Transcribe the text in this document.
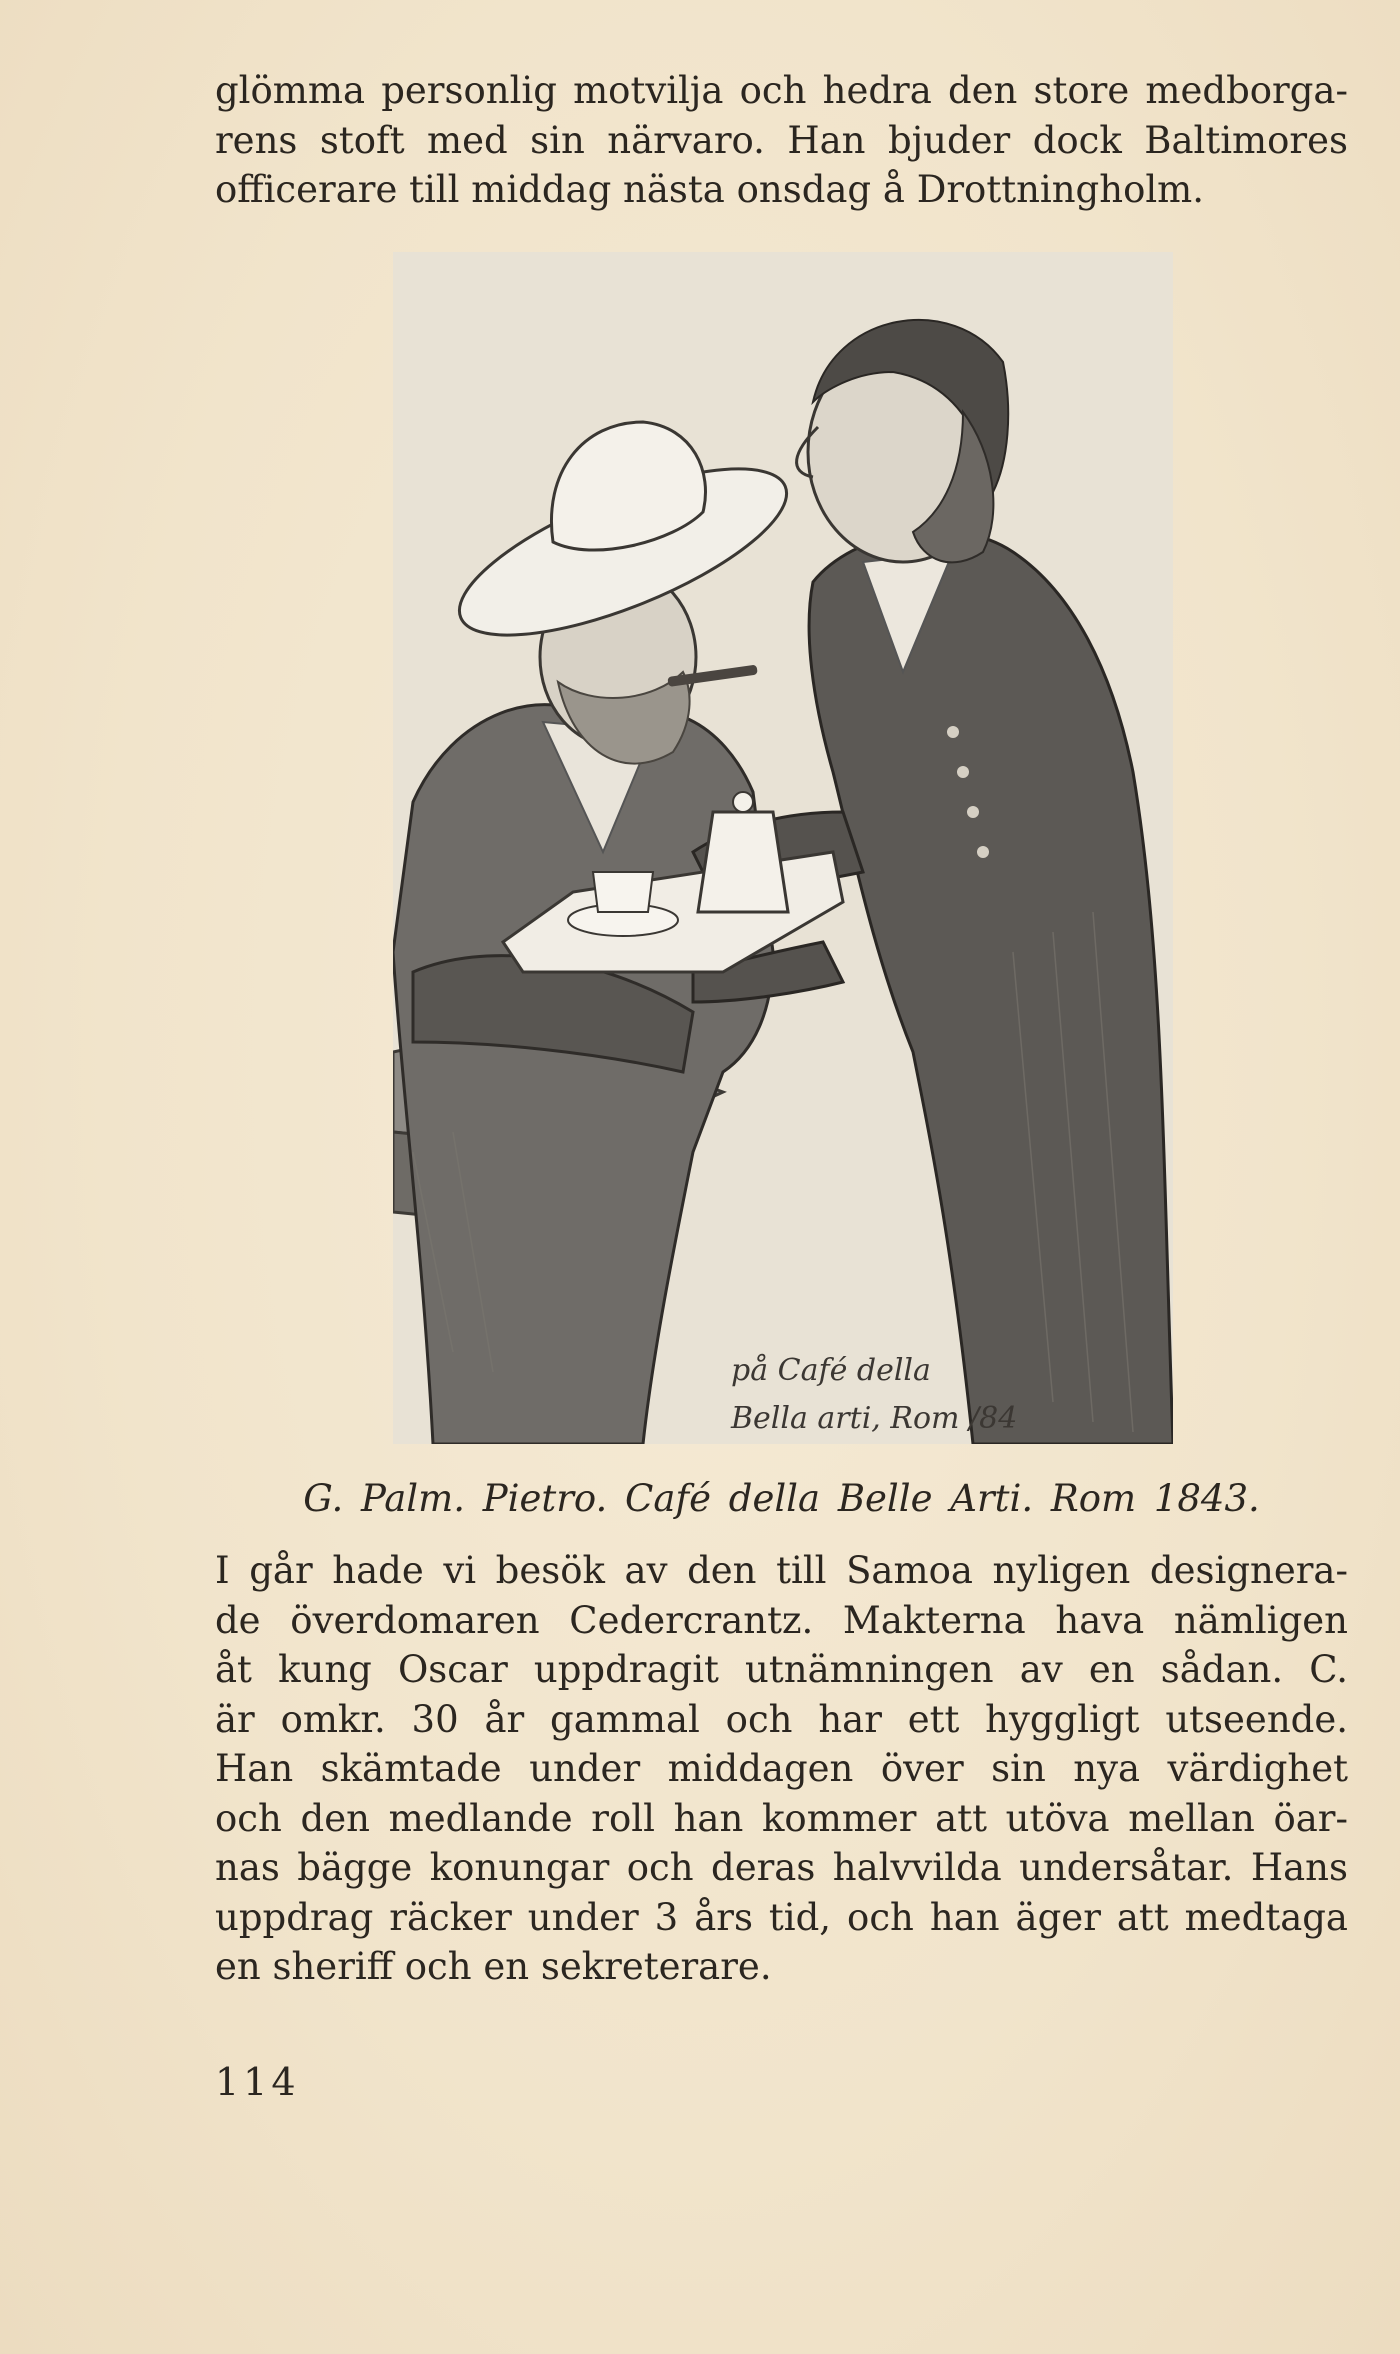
glömma personlig motvilja och hedra den store medborga-
rens stoft med sin närvaro. Han bjuder dock Baltimores
officerare till middag nästa onsdag å Drottningholm.

på Café della
Bella arti, Rom /84

G. Palm. Pietro. Café della Belle Arti. Rom 1843.

I går hade vi besök av den till Samoa nyligen designera-
de överdomaren Cedercrantz. Makterna hava nämligen
åt kung Oscar uppdragit utnämningen av en sådan. C.
är omkr. 30 år gammal och har ett hyggligt utseende.
Han skämtade under middagen över sin nya värdighet
och den medlande roll han kommer att utöva mellan öar-
nas bägge konungar och deras halvvilda undersåtar. Hans
uppdrag räcker under 3 års tid, och han äger att medtaga
en sheriff och en sekreterare.

114
